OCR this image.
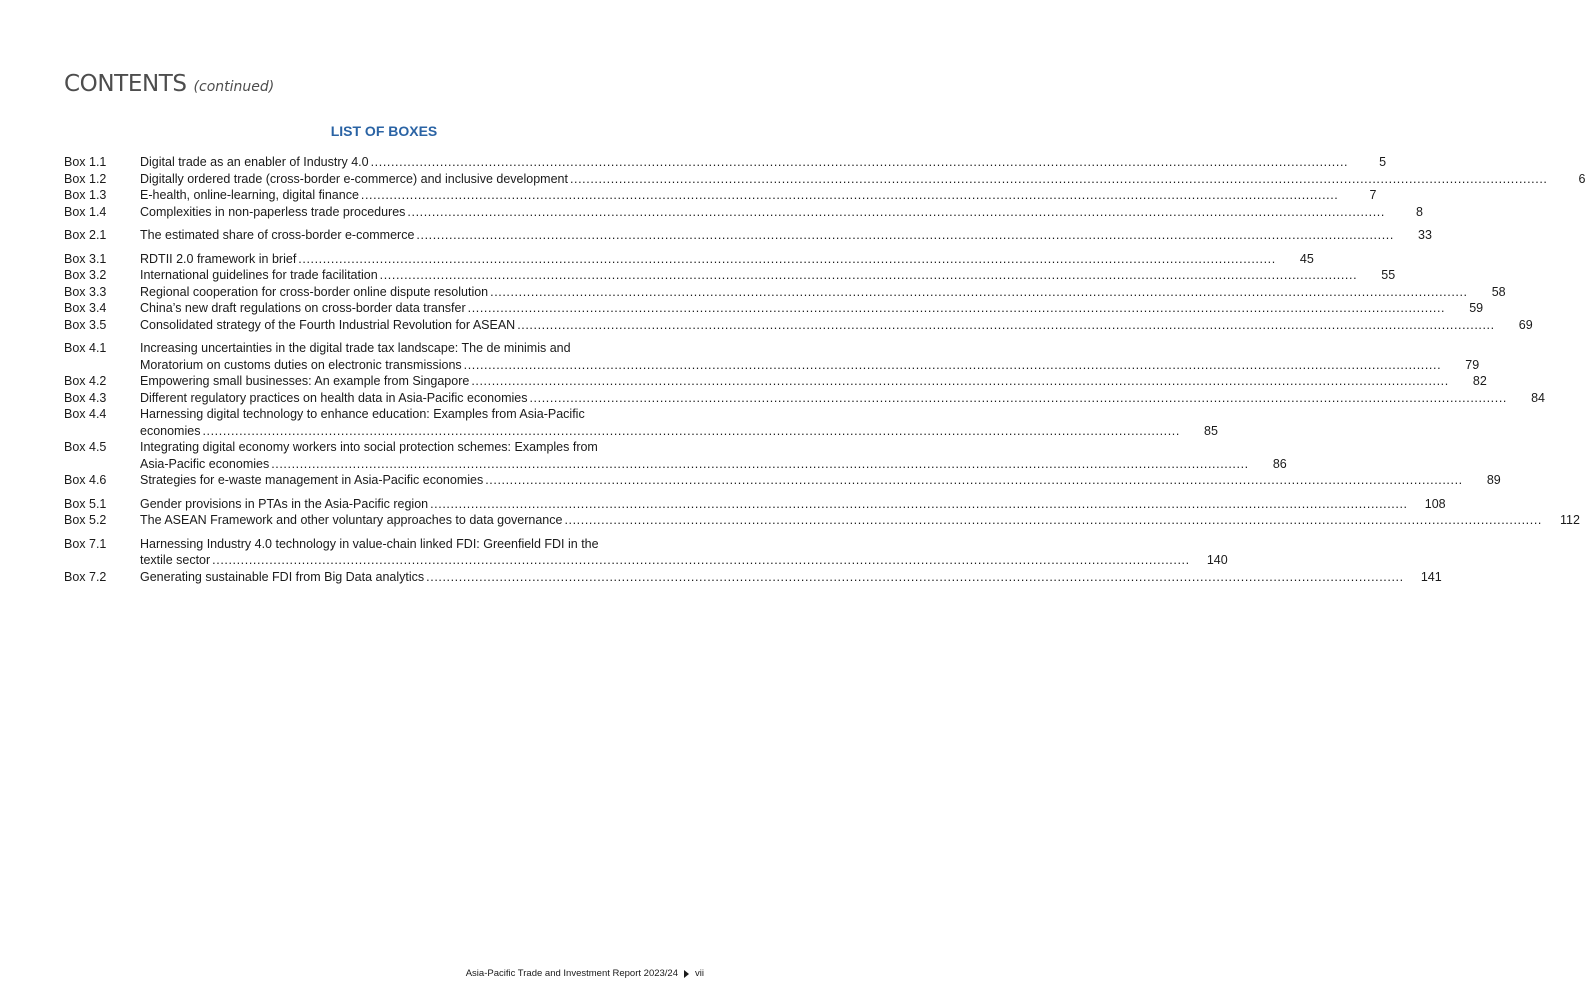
CONTENTS (continued)
LIST OF BOXES
Box 1.1	Digital trade as an enabler of Industry 4.0 ................................................................................................................................................................................................................................................	5
Box 1.2	Digitally ordered trade (cross-border e-commerce) and inclusive development ................................................................................................................................................................................................................................................	6
Box 1.3	E-health, online-learning, digital finance ................................................................................................................................................................................................................................................	7
Box 1.4	Complexities in non-paperless trade procedures ................................................................................................................................................................................................................................................	8
Box 2.1	The estimated share of cross-border e-commerce ................................................................................................................................................................................................................................................	33
Box 3.1	RDTII 2.0 framework in brief ................................................................................................................................................................................................................................................	45
Box 3.2	International guidelines for trade facilitation ................................................................................................................................................................................................................................................	55
Box 3.3	Regional cooperation for cross-border online dispute resolution ................................................................................................................................................................................................................................................	58
Box 3.4	China’s new draft regulations on cross-border data transfer ................................................................................................................................................................................................................................................	59
Box 3.5	Consolidated strategy of the Fourth Industrial Revolution for ASEAN ................................................................................................................................................................................................................................................	69
Box 4.1	Increasing uncertainties in the digital trade tax landscape: The de minimis and
Moratorium on customs duties on electronic transmissions ................................................................................................................................................................................................................................................	79
Box 4.2	Empowering small businesses: An example from Singapore ................................................................................................................................................................................................................................................	82
Box 4.3	Different regulatory practices on health data in Asia-Pacific economies ................................................................................................................................................................................................................................................	84
Box 4.4	Harnessing digital technology to enhance education: Examples from Asia-Pacific
economies ................................................................................................................................................................................................................................................	85
Box 4.5	Integrating digital economy workers into social protection schemes: Examples from
Asia-Pacific economies ................................................................................................................................................................................................................................................	86
Box 4.6	Strategies for e-waste management in Asia-Pacific economies ................................................................................................................................................................................................................................................	89
Box 5.1	Gender provisions in PTAs in the Asia-Pacific region ................................................................................................................................................................................................................................................	108
Box 5.2	The ASEAN Framework and other voluntary approaches to data governance ................................................................................................................................................................................................................................................	112
Box 7.1	Harnessing Industry 4.0 technology in value-chain linked FDI: Greenfield FDI in the
textile sector ................................................................................................................................................................................................................................................	140
Box 7.2	Generating sustainable FDI from Big Data analytics ................................................................................................................................................................................................................................................	141
Asia-Pacific Trade and Investment Report 2023/24 vii
